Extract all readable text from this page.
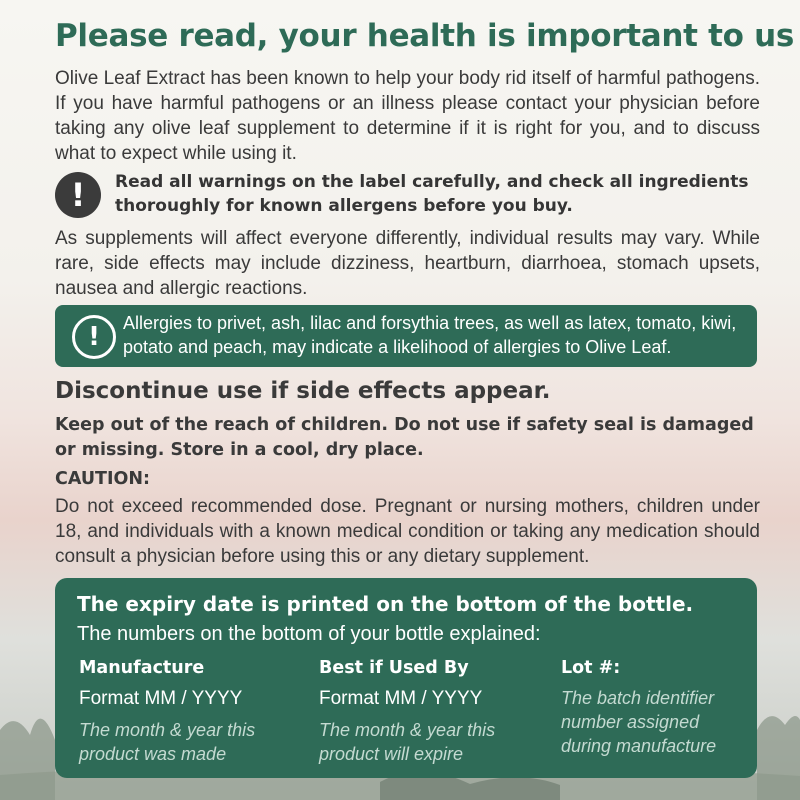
Please read, your health is important to us
Olive Leaf Extract has been known to help your body rid itself of harmful pathogens. If you have harmful pathogens or an illness please contact your physician before taking any olive leaf supplement to determine if it is right for you, and to discuss what to expect while using it.
!	Read all warnings on the label carefully, and check all ingredients thoroughly for known allergens before you buy.
As supplements will affect everyone differently, individual results may vary. While rare, side effects may include dizziness, heartburn, diarrhoea, stomach upsets, nausea and allergic reactions.
!	Allergies to privet, ash, lilac and forsythia trees, as well as latex, tomato, kiwi, potato and peach, may indicate a likelihood of allergies to Olive Leaf.
Discontinue use if side effects appear.
Keep out of the reach of children. Do not use if safety seal is damaged or missing. Store in a cool, dry place.
CAUTION:
Do not exceed recommended dose. Pregnant or nursing mothers, children under 18, and individuals with a known medical condition or taking any medication should consult a physician before using this or any dietary supplement.
The expiry date is printed on the bottom of the bottle.
The numbers on the bottom of your bottle explained:
Manufacture
Format MM / YYYY
The month & year this product was made
Best if Used By
Format MM / YYYY
The month & year this product will expire
Lot #:
The batch identifier number assigned during manufacture
